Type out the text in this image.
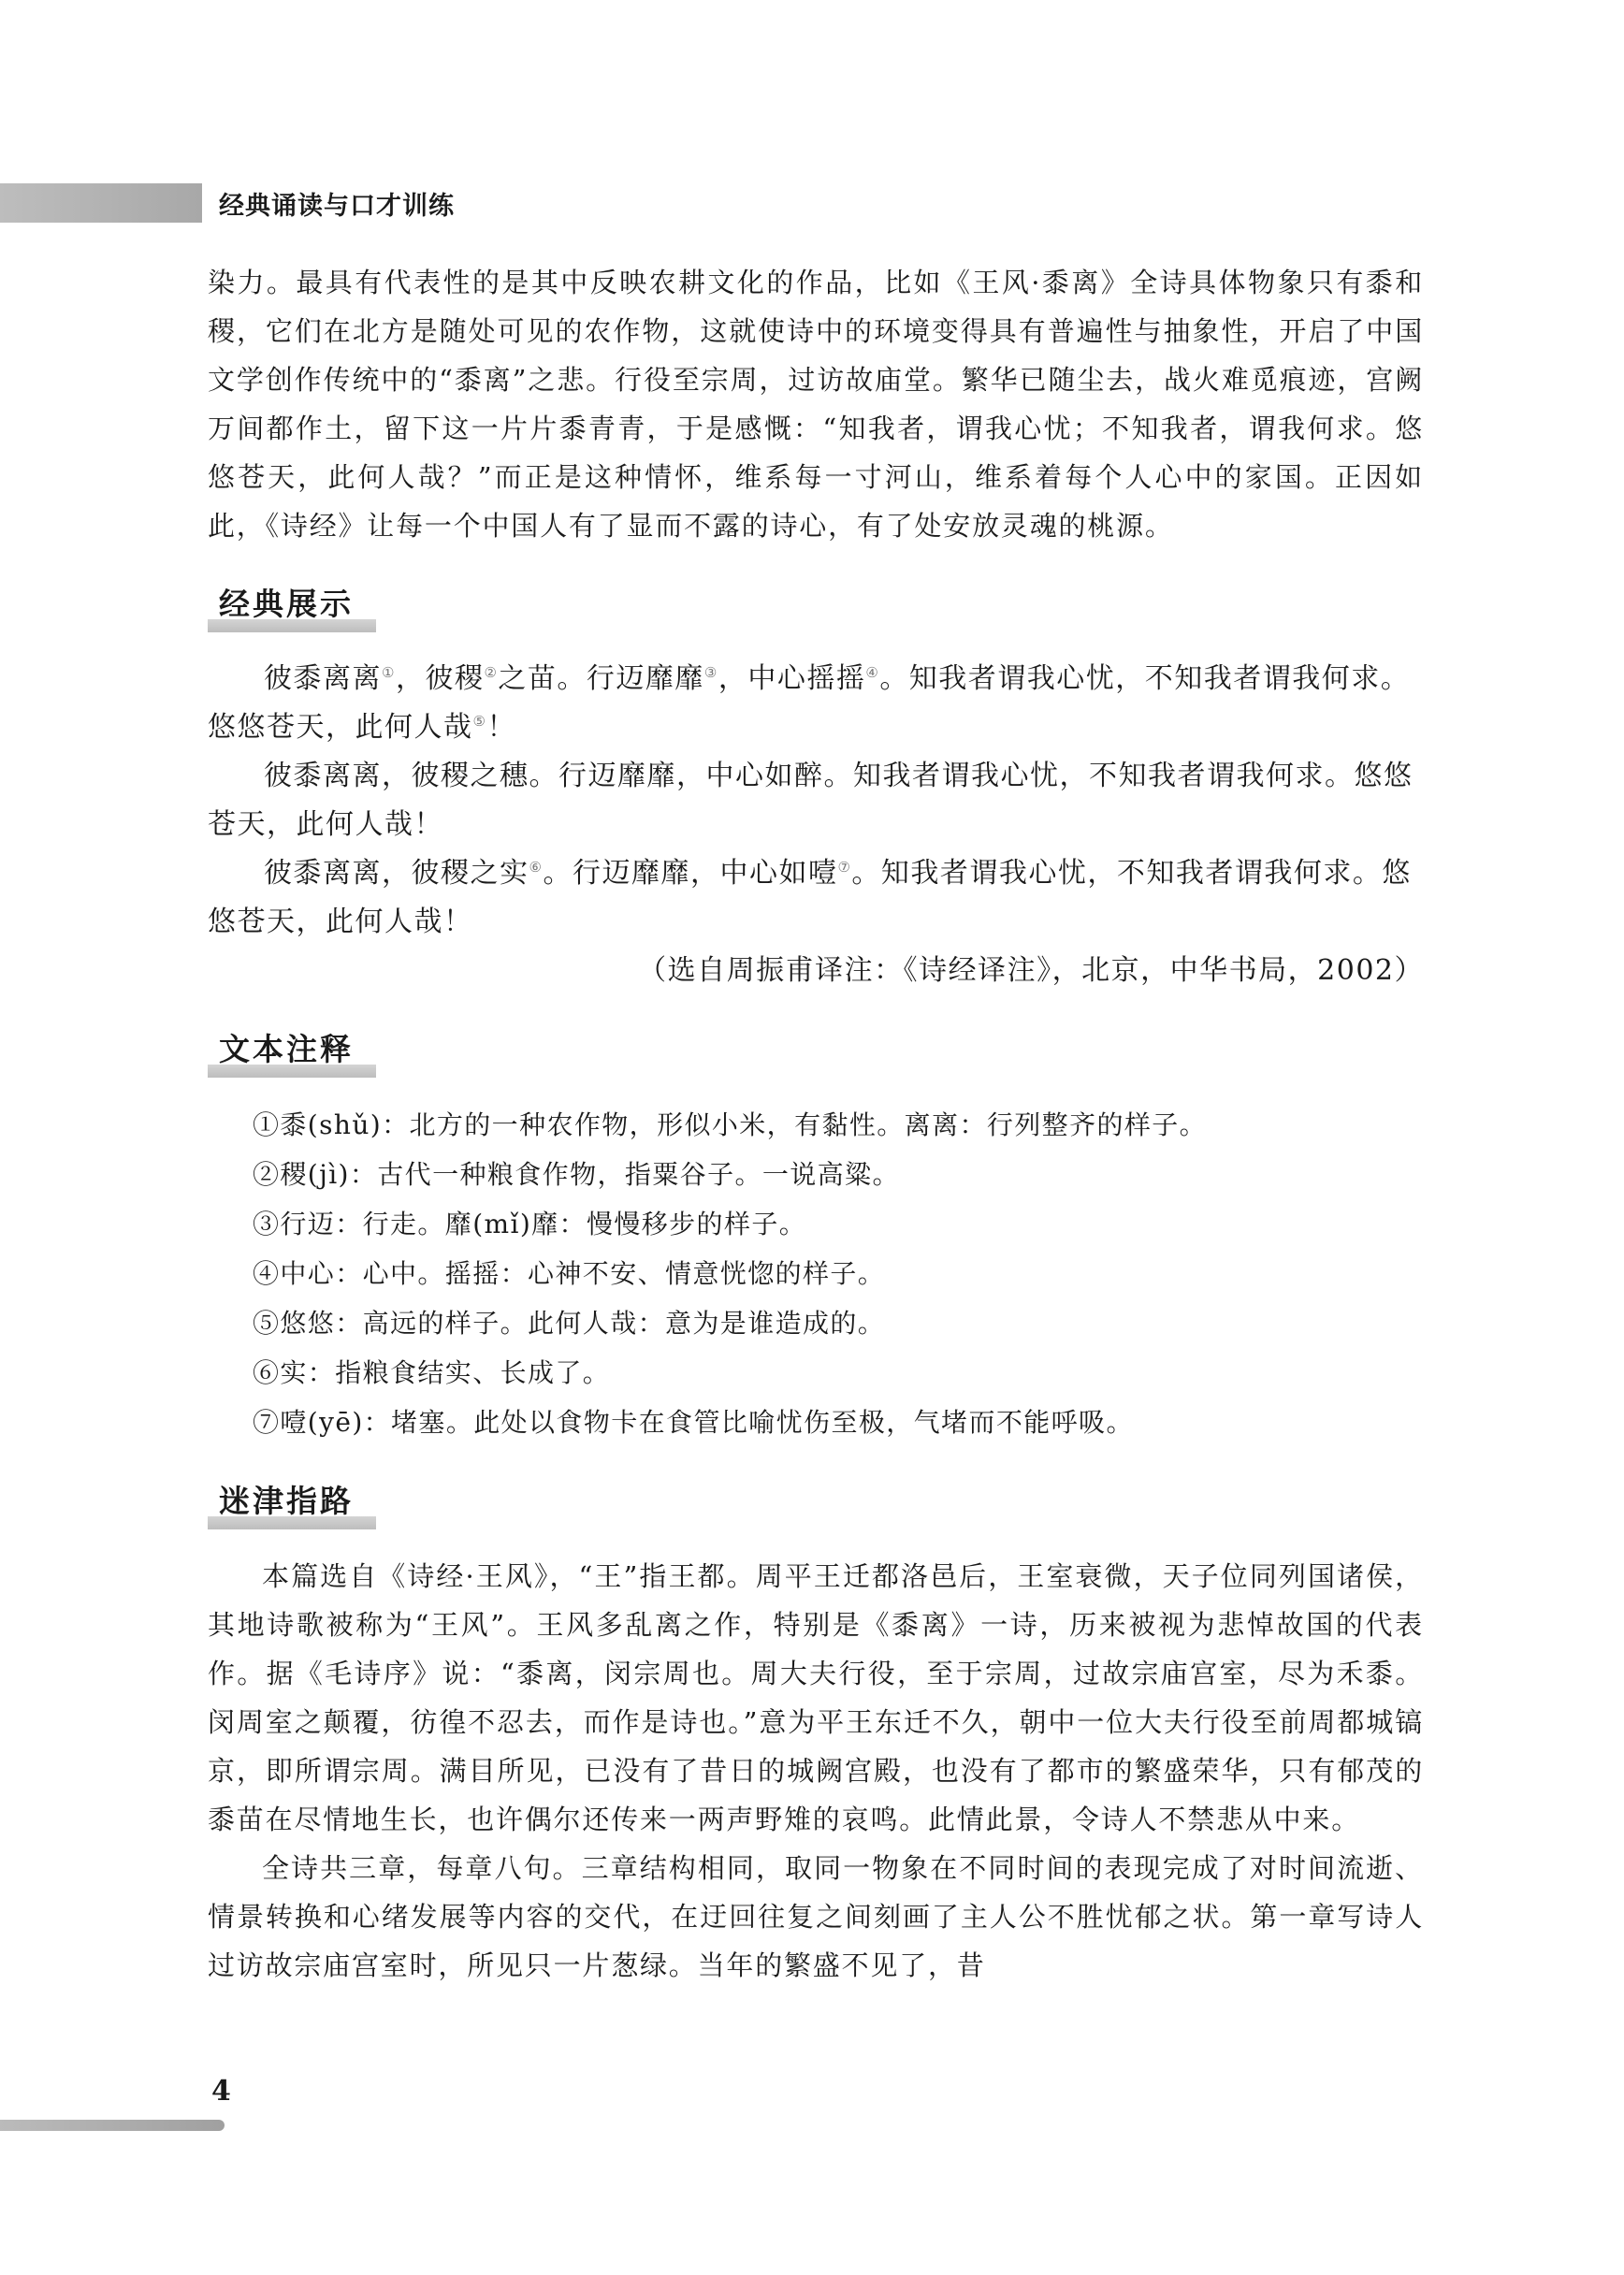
经典诵读与口才训练

染力。最具有代表性的是其中反映农耕文化的作品，比如《王风·黍离》全诗具体物象只有黍和稷，它们在北方是随处可见的农作物，这就使诗中的环境变得具有普遍性与抽象性，开启了中国文学创作传统中的“黍离”之悲。行役至宗周，过访故庙堂。繁华已随尘去，战火难觅痕迹，宫阙万间都作土，留下这一片片黍青青，于是感慨：“知我者，谓我心忧；不知我者，谓我何求。悠悠苍天，此何人哉？”而正是这种情怀，维系每一寸河山，维系着每个人心中的家国。正因如此，《诗经》让每一个中国人有了显而不露的诗心，有了处安放灵魂的桃源。

经典展示

彼黍离离①，彼稷②之苗。行迈靡靡③，中心摇摇④。知我者谓我心忧，不知我者谓我何求。悠悠苍天，此何人哉⑤！

彼黍离离，彼稷之穗。行迈靡靡，中心如醉。知我者谓我心忧，不知我者谓我何求。悠悠苍天，此何人哉！

彼黍离离，彼稷之实⑥。行迈靡靡，中心如噎⑦。知我者谓我心忧，不知我者谓我何求。悠悠苍天，此何人哉！

（选自周振甫译注：《诗经译注》，北京，中华书局，2002）

文本注释

①黍(shǔ)：北方的一种农作物，形似小米，有黏性。离离：行列整齐的样子。

②稷(jì)：古代一种粮食作物，指粟谷子。一说高粱。

③行迈：行走。靡(mǐ)靡：慢慢移步的样子。

④中心：心中。摇摇：心神不安、情意恍惚的样子。

⑤悠悠：高远的样子。此何人哉：意为是谁造成的。

⑥实：指粮食结实、长成了。

⑦噎(yē)：堵塞。此处以食物卡在食管比喻忧伤至极，气堵而不能呼吸。

迷津指路

本篇选自《诗经·王风》，“王”指王都。周平王迁都洛邑后，王室衰微，天子位同列国诸侯，其地诗歌被称为“王风”。王风多乱离之作，特别是《黍离》一诗，历来被视为悲悼故国的代表作。据《毛诗序》说：“黍离，闵宗周也。周大夫行役，至于宗周，过故宗庙宫室，尽为禾黍。闵周室之颠覆，彷徨不忍去，而作是诗也。”意为平王东迁不久，朝中一位大夫行役至前周都城镐京，即所谓宗周。满目所见，已没有了昔日的城阙宫殿，也没有了都市的繁盛荣华，只有郁茂的黍苗在尽情地生长，也许偶尔还传来一两声野雉的哀鸣。此情此景，令诗人不禁悲从中来。

全诗共三章，每章八句。三章结构相同，取同一物象在不同时间的表现完成了对时间流逝、情景转换和心绪发展等内容的交代，在迂回往复之间刻画了主人公不胜忧郁之状。第一章写诗人过访故宗庙宫室时，所见只一片葱绿。当年的繁盛不见了，昔

4
